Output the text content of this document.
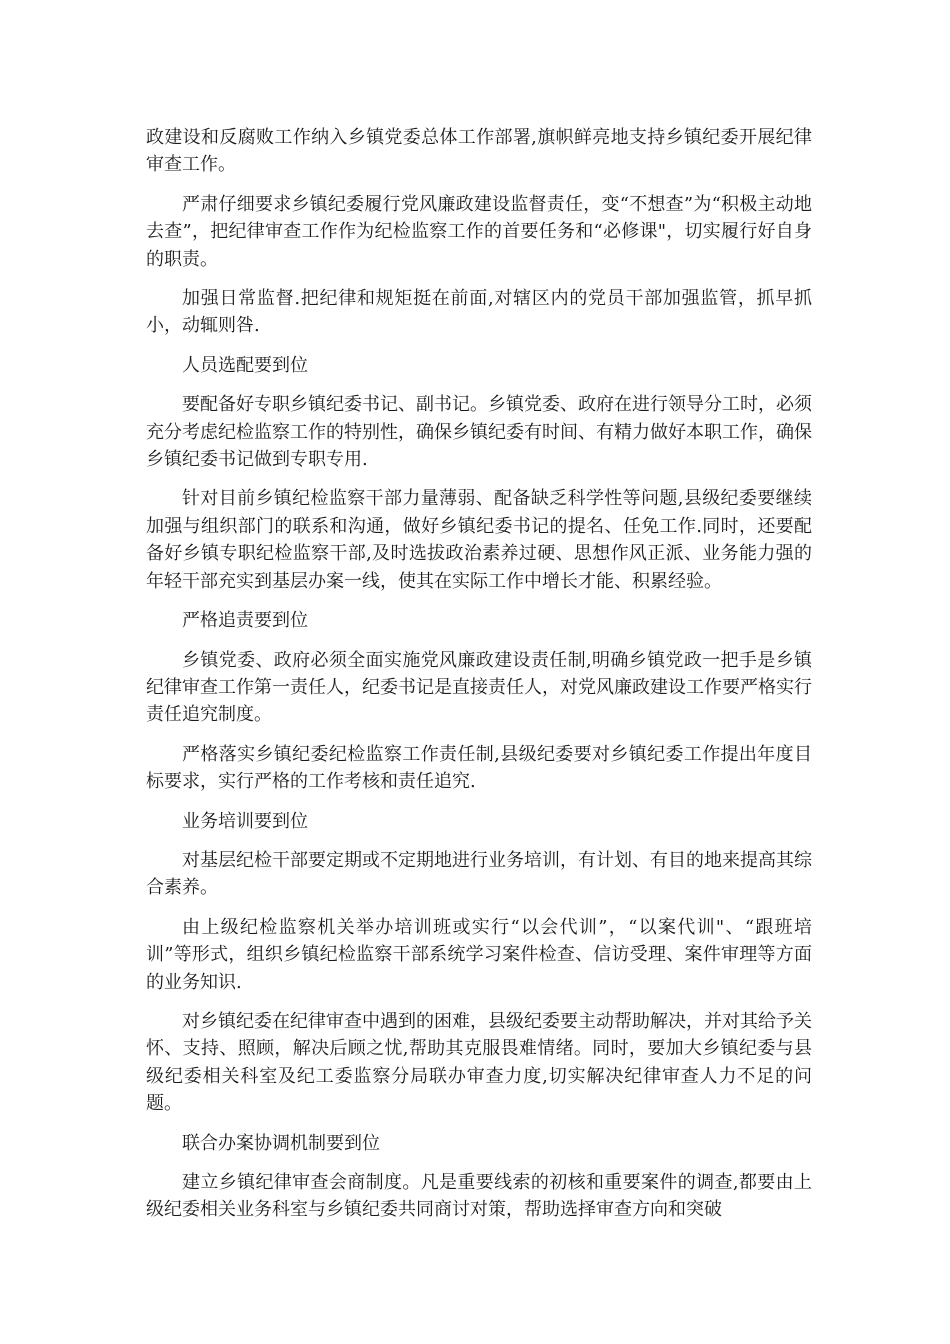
政建设和反腐败工作纳入乡镇党委总体工作部署,旗帜鲜亮地支持乡镇纪委开展纪律审查工作。

严肃仔细要求乡镇纪委履行党风廉政建设监督责任，变“不想查”为“积极主动地去查”，把纪律审查工作作为纪检监察工作的首要任务和“必修课"，切实履行好自身的职责。

加强日常监督.把纪律和规矩挺在前面,对辖区内的党员干部加强监管，抓早抓小，动辄则咎.

人员选配要到位

要配备好专职乡镇纪委书记、副书记。乡镇党委、政府在进行领导分工时，必须充分考虑纪检监察工作的特别性，确保乡镇纪委有时间、有精力做好本职工作，确保乡镇纪委书记做到专职专用.

针对目前乡镇纪检监察干部力量薄弱、配备缺乏科学性等问题,县级纪委要继续加强与组织部门的联系和沟通，做好乡镇纪委书记的提名、任免工作.同时，还要配备好乡镇专职纪检监察干部,及时选拔政治素养过硬、思想作风正派、业务能力强的年轻干部充实到基层办案一线，使其在实际工作中增长才能、积累经验。

严格追责要到位

乡镇党委、政府必须全面实施党风廉政建设责任制,明确乡镇党政一把手是乡镇纪律审查工作第一责任人，纪委书记是直接责任人，对党风廉政建设工作要严格实行责任追究制度。

严格落实乡镇纪委纪检监察工作责任制,县级纪委要对乡镇纪委工作提出年度目标要求，实行严格的工作考核和责任追究.

业务培训要到位

对基层纪检干部要定期或不定期地进行业务培训，有计划、有目的地来提高其综合素养。

由上级纪检监察机关举办培训班或实行“以会代训”，“以案代训"、“跟班培训”等形式，组织乡镇纪检监察干部系统学习案件检查、信访受理、案件审理等方面的业务知识.

对乡镇纪委在纪律审查中遇到的困难，县级纪委要主动帮助解决，并对其给予关怀、支持、照顾，解决后顾之忧,帮助其克服畏难情绪。同时，要加大乡镇纪委与县级纪委相关科室及纪工委监察分局联办审查力度,切实解决纪律审查人力不足的问题。

联合办案协调机制要到位

建立乡镇纪律审查会商制度。凡是重要线索的初核和重要案件的调查,都要由上级纪委相关业务科室与乡镇纪委共同商讨对策，帮助选择审查方向和突破
